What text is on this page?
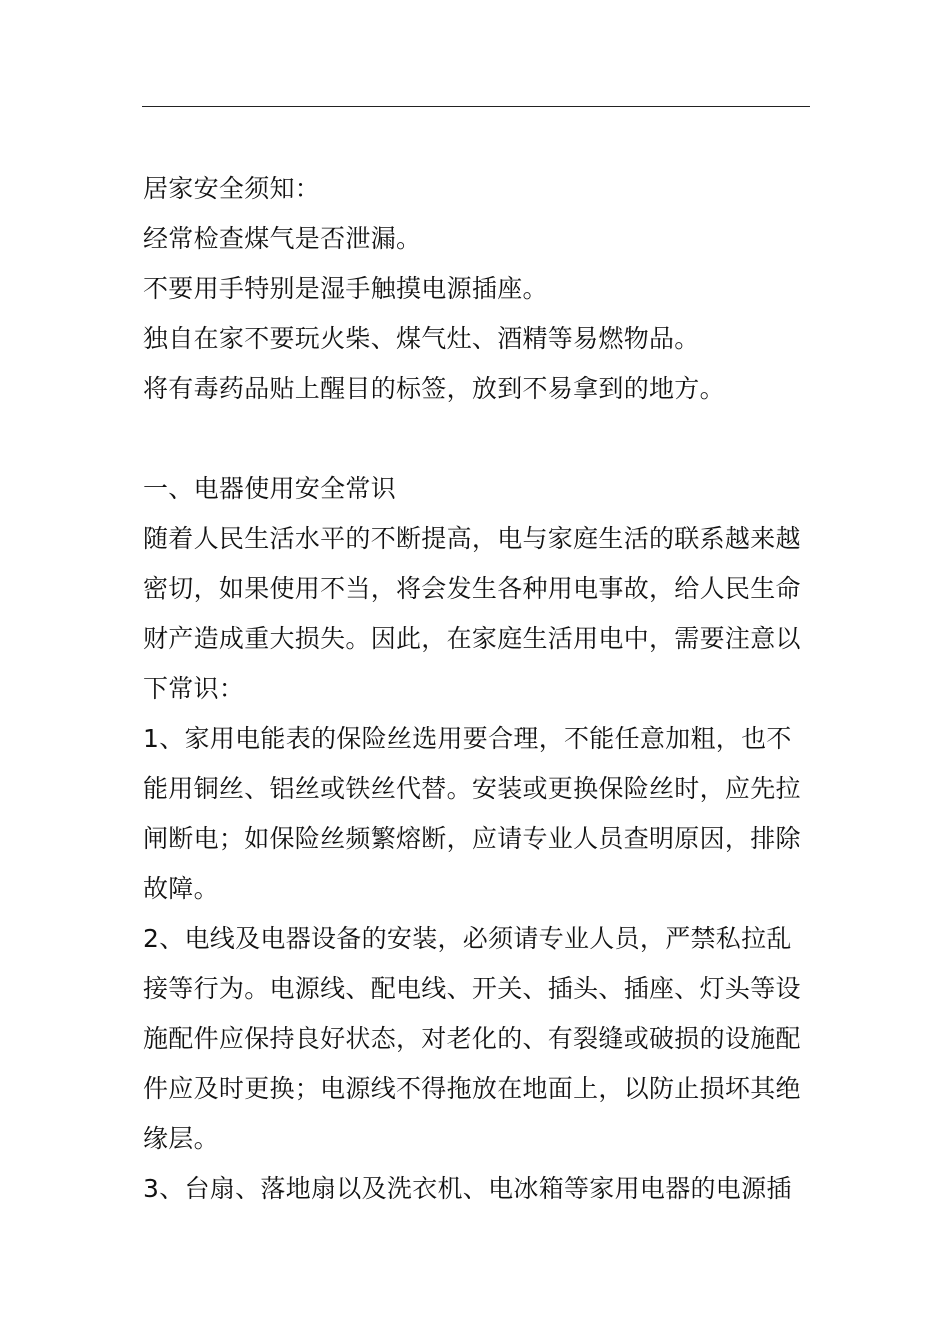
居家安全须知：

经常检查煤气是否泄漏。

不要用手特别是湿手触摸电源插座。

独自在家不要玩火柴、煤气灶、酒精等易燃物品。

将有毒药品贴上醒目的标签，放到不易拿到的地方。

一、电器使用安全常识

随着人民生活水平的不断提高，电与家庭生活的联系越来越
密切，如果使用不当，将会发生各种用电事故，给人民生命
财产造成重大损失。因此，在家庭生活用电中，需要注意以
下常识：
1、家用电能表的保险丝选用要合理，不能任意加粗，也不
能用铜丝、铝丝或铁丝代替。安装或更换保险丝时，应先拉
闸断电；如保险丝频繁熔断，应请专业人员查明原因，排除
故障。
2、电线及电器设备的安装，必须请专业人员，严禁私拉乱
接等行为。电源线、配电线、开关、插头、插座、灯头等设
施配件应保持良好状态，对老化的、有裂缝或破损的设施配
件应及时更换；电源线不得拖放在地面上，以防止损坏其绝
缘层。
3、台扇、落地扇以及洗衣机、电冰箱等家用电器的电源插
